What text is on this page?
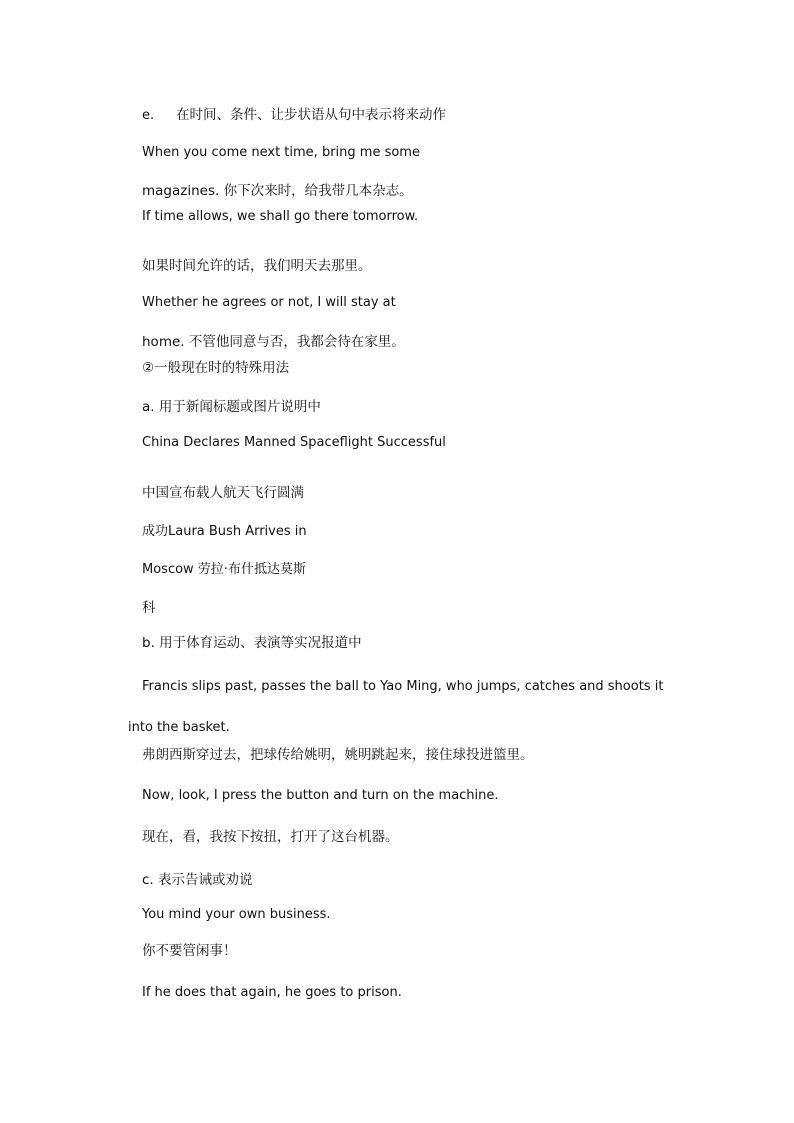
e. 在时间、条件、让步状语从句中表示将来动作
When you come next time, bring me some
magazines. 你下次来时，给我带几本杂志。
If time allows, we shall go there tomorrow.
如果时间允许的话，我们明天去那里。
Whether he agrees or not, I will stay at
home. 不管他同意与否，我都会待在家里。
②一般现在时的特殊用法
a. 用于新闻标题或图片说明中
China Declares Manned Spaceflight Successful
中国宣布载人航天飞行圆满
成功Laura Bush Arrives in
Moscow 劳拉·布什抵达莫斯
科
b. 用于体育运动、表演等实况报道中
Francis slips past, passes the ball to Yao Ming, who jumps, catches and shoots it
into the basket.
弗朗西斯穿过去，把球传给姚明，姚明跳起来，接住球投进篮里。
Now, look, I press the button and turn on the machine.
现在，看，我按下按扭，打开了这台机器。
c. 表示告诫或劝说
You mind your own business.
你不要管闲事！
If he does that again, he goes to prison.
